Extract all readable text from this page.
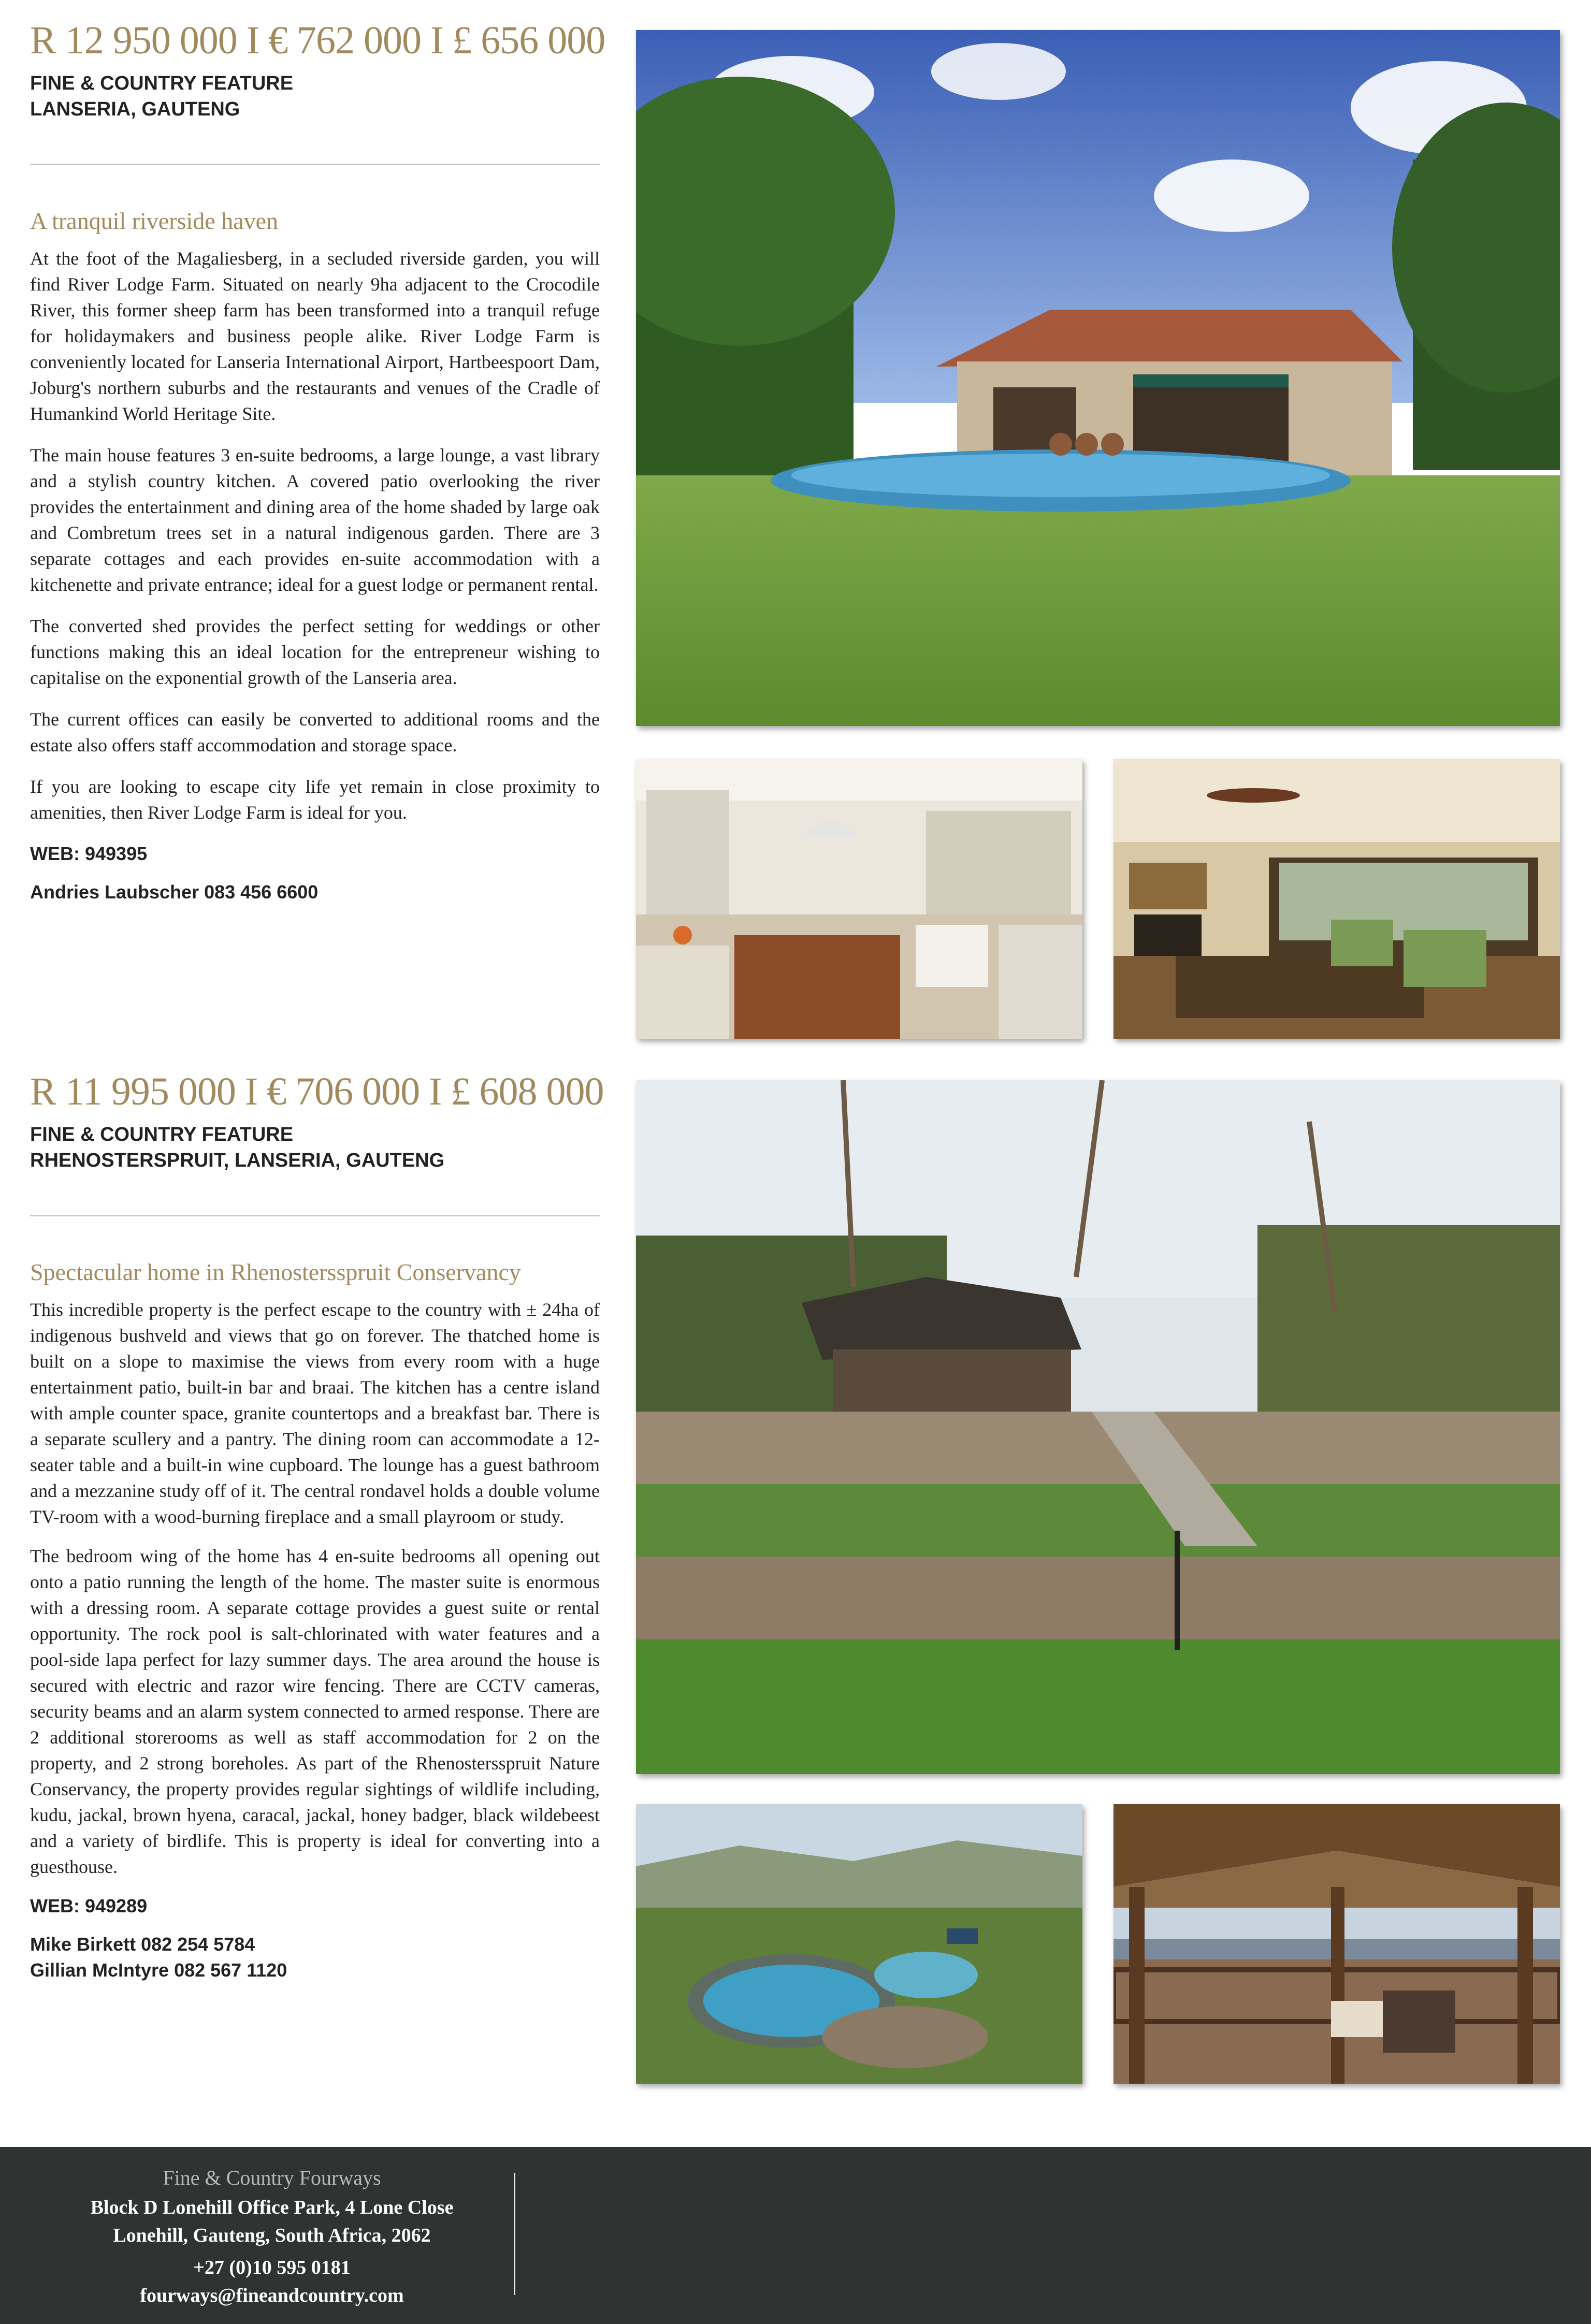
R 12 950 000 I € 762 000 I £ 656 000

FINE & COUNTRY FEATURE

LANSERIA, GAUTENG

A tranquil riverside haven

At the foot of the Magaliesberg, in a secluded riverside garden, you will find River Lodge Farm. Situated on nearly 9ha adjacent to the Crocodile River, this former sheep farm has been transformed into a tranquil refuge for holidaymakers and business people alike. River Lodge Farm is conveniently located for Lanseria International Airport, Hartbeespoort Dam, Joburg's northern suburbs and the restaurants and venues of the Cradle of Humankind World Heritage Site.

The main house features 3 en-suite bedrooms, a large lounge, a vast library and a stylish country kitchen. A covered patio overlooking the river provides the entertainment and dining area of the home shaded by large oak and Combretum trees set in a natural indigenous garden. There are 3 separate cottages and each provides en-suite accommodation with a kitchenette and private entrance; ideal for a guest lodge or permanent rental.

The converted shed provides the perfect setting for weddings or other functions making this an ideal location for the entrepreneur wishing to capitalise on the exponential growth of the Lanseria area.

The current offices can easily be converted to additional rooms and the estate also offers staff accommodation and storage space.

If you are looking to escape city life yet remain in close proximity to amenities, then River Lodge Farm is ideal for you.

WEB: 949395

Andries Laubscher 083 456 6600

R 11 995 000 I € 706 000 I £ 608 000

FINE & COUNTRY FEATURE

RHENOSTERSPRUIT, LANSERIA, GAUTENG

Spectacular home in Rhenostersspruit Conservancy

This incredible property is the perfect escape to the country with ± 24ha of indigenous bushveld and views that go on forever. The thatched home is built on a slope to maximise the views from every room with a huge entertainment patio, built-in bar and braai. The kitchen has a centre island with ample counter space, granite countertops and a breakfast bar. There is a separate scullery and a pantry. The dining room can accommodate a 12-seater table and a built-in wine cupboard. The lounge has a guest bathroom and a mezzanine study off of it. The central rondavel holds a double volume TV-room with a wood-burning fireplace and a small playroom or study.

The bedroom wing of the home has 4 en-suite bedrooms all opening out onto a patio running the length of the home. The master suite is enormous with a dressing room. A separate cottage provides a guest suite or rental opportunity. The rock pool is salt-chlorinated with water features and a pool-side lapa perfect for lazy summer days. The area around the house is secured with electric and razor wire fencing. There are CCTV cameras, security beams and an alarm system connected to armed response. There are 2 additional storerooms as well as staff accommodation for 2 on the property, and 2 strong boreholes. As part of the Rhenostersspruit Nature Conservancy, the property provides regular sightings of wildlife including, kudu, jackal, brown hyena, caracal, jackal, honey badger, black wildebeest and a variety of birdlife. This is property is ideal for converting into a guesthouse.

WEB: 949289

Mike Birkett 082 254 5784

Gillian McIntyre 082 567 1120

Fine & Country Fourways

Block D Lonehill Office Park, 4 Lone Close

Lonehill, Gauteng, South Africa, 2062

+27 (0)10 595 0181

fourways@fineandcountry.com
